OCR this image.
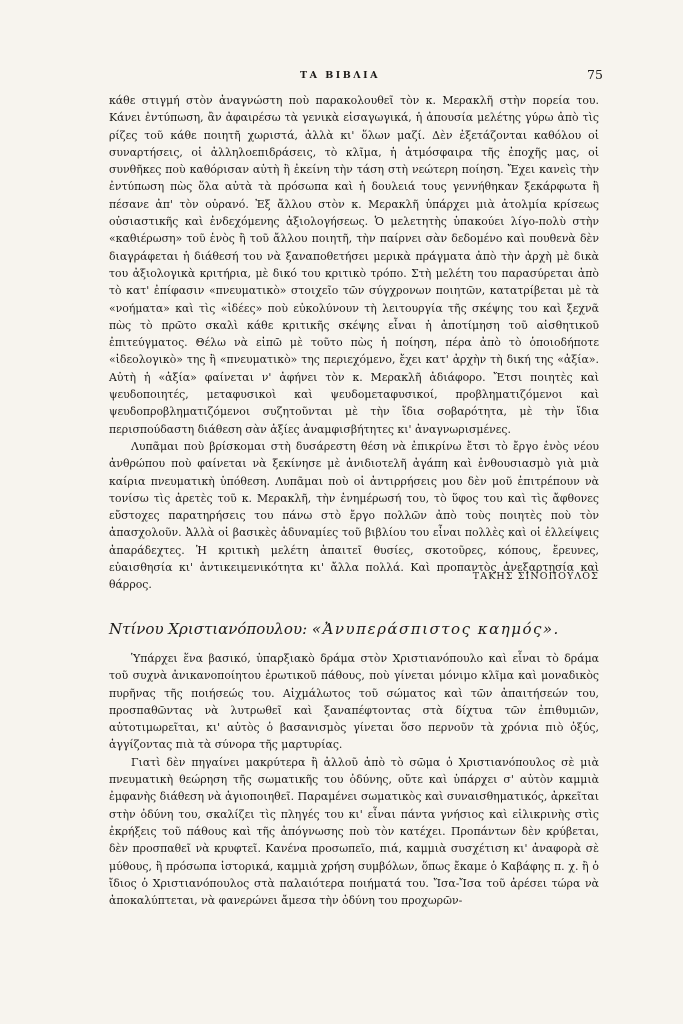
ΤΑ ΒΙΒΛΙΑ	75

κάθε στιγμή στὸν ἀναγνώστη ποὺ παρακολουθεῖ τὸν κ. Μερακλῆ στὴν πορεία του. Κάνει ἐντύπωση, ἂν ἀφαιρέσω τὰ γενικὰ εἰσαγωγικά, ἡ ἀπουσία μελέτης γύρω ἀπὸ τὶς ρίζες τοῦ κάθε ποιητῆ χωριστά, ἀλλὰ κι' ὅλων μαζί. Δὲν ἐξετάζονται καθόλου οἱ συναρτήσεις, οἱ ἀλληλοεπιδράσεις, τὸ κλῖμα, ἡ ἀτμόσφαιρα τῆς ἐποχῆς μας, οἱ συνθῆκες ποὺ καθόρισαν αὐτὴ ἢ ἐκείνη τὴν τάση στὴ νεώτερη ποίηση. Ἔχει κανεὶς τὴν ἐντύπωση πὼς ὅλα αὐτὰ τὰ πρόσωπα καὶ ἡ δουλειά τους γεννήθηκαν ξεκάρφωτα ἢ πέσανε ἀπ' τὸν οὐρανό. Ἐξ ἄλλου στὸν κ. Μερακλῆ ὑπάρχει μιὰ ἀτολμία κρίσεως οὐσιαστικῆς καὶ ἐνδεχόμενης ἀξιολογήσεως. Ὁ μελετητὴς ὑπακούει λίγο-πολὺ στὴν «καθιέρωση» τοῦ ἑνὸς ἢ τοῦ ἄλλου ποιητῆ, τὴν παίρνει σὰν δεδομένο καὶ πουθενὰ δὲν διαγράφεται ἡ διάθεσή του νὰ ξαναποθετήσει μερικὰ πράγματα ἀπὸ τὴν ἀρχὴ μὲ δικὰ του ἀξιολογικὰ κριτήρια, μὲ δικό του κριτικὸ τρόπο. Στὴ μελέτη του παρασύρεται ἀπὸ τὸ κατ' ἐπίφασιν «πνευματικὸ» στοιχεῖο τῶν σύγχρονων ποιητῶν, κατατρίβεται μὲ τὰ «νοήματα» καὶ τὶς «ἰδέες» ποὺ εὐκολύνουν τὴ λειτουργία τῆς σκέψης του καὶ ξεχνᾶ πὼς τὸ πρῶτο σκαλὶ κάθε κριτικῆς σκέψης εἶναι ἡ ἀποτίμηση τοῦ αἰσθητικοῦ ἐπιτεύγματος. Θέλω νὰ εἰπῶ μὲ τοῦτο πὼς ἡ ποίηση, πέρα ἀπὸ τὸ ὁποιοδήποτε «ἰδεολογικὸ» της ἢ «πνευματικὸ» της περιεχόμενο, ἔχει κατ' ἀρχὴν τὴ δική της «ἀξία». Αὐτὴ ἡ «ἀξία» φαίνεται ν' ἀφήνει τὸν κ. Μερακλῆ ἀδιάφορο. Ἔτσι ποιητὲς καὶ ψευδοποιητές, μεταφυσικοὶ καὶ ψευδομεταφυσικοί, προβληματιζόμενοι καὶ ψευδοπροβληματιζόμενοι συζητοῦνται μὲ τὴν ἴδια σοβαρότητα, μὲ τὴν ἴδια περισπούδαστη διάθεση σὰν ἀξίες ἀναμφισβήτητες κι' ἀναγνωρισμένες.

Λυπᾶμαι ποὺ βρίσκομαι στὴ δυσάρεστη θέση νὰ ἐπικρίνω ἔτσι τὸ ἔργο ἑνὸς νέου ἀνθρώπου ποὺ φαίνεται νὰ ξεκίνησε μὲ ἀνιδιοτελῆ ἀγάπη καὶ ἐνθουσιασμὸ γιὰ μιὰ καίρια πνευματικὴ ὑπόθεση. Λυπᾶμαι ποὺ οἱ ἀντιρρήσεις μου δὲν μοῦ ἐπιτρέπουν νὰ τονίσω τὶς ἀρετὲς τοῦ κ. Μερακλῆ, τὴν ἐνημέρωσή του, τὸ ὕφος του καὶ τὶς ἄφθονες εὔστοχες παρατηρήσεις του πάνω στὸ ἔργο πολλῶν ἀπὸ τοὺς ποιητὲς ποὺ τὸν ἀπασχολοῦν. Ἀλλὰ οἱ βασικὲς ἀδυναμίες τοῦ βιβλίου του εἶναι πολλὲς καὶ οἱ ἐλλείψεις ἀπαράδεχτες. Ἡ κριτικὴ μελέτη ἀπαιτεῖ θυσίες, σκοτοῦρες, κόπους, ἔρευνες, εὐαισθησία κι' ἀντικειμενικότητα κι' ἄλλα πολλά. Καὶ προπαντὸς ἀνεξαρτησία καὶ θάρρος.

ΤΑΚΗΣ ΣΙΝΟΠΟΥΛΟΣ
Ντίνου Χριστιανόπουλου: «Ἀνυπεράσπιστος καημός».

Ὑπάρχει ἕνα βασικό, ὑπαρξιακὸ δράμα στὸν Χριστιανόπουλο καὶ εἶναι τὸ δράμα τοῦ συχνὰ ἀνικανοποίητου ἐρωτικοῦ πάθους, ποὺ γίνεται μόνιμο κλῖμα καὶ μοναδικὸς πυρῆνας τῆς ποιήσεώς του. Αἰχμάλωτος τοῦ σώματος καὶ τῶν ἀπαιτήσεών του, προσπαθῶντας νὰ λυτρωθεῖ καὶ ξαναπέφτοντας στὰ δίχτυα τῶν ἐπιθυμιῶν, αὐτοτιμωρεῖται, κι' αὐτὸς ὁ βασανισμὸς γίνεται ὅσο περνοῦν τὰ χρόνια πιὸ ὀξύς, ἀγγίζοντας πιὰ τὰ σύνορα τῆς μαρτυρίας.

Γιατὶ δὲν πηγαίνει μακρύτερα ἢ ἀλλοῦ ἀπὸ τὸ σῶμα ὁ Χριστιανόπουλος σὲ μιὰ πνευματικὴ θεώρηση τῆς σωματικῆς του ὀδύνης, οὔτε καὶ ὑπάρχει σ' αὐτὸν καμμιὰ ἐμφανὴς διάθεση νὰ ἁγιοποιηθεῖ. Παραμένει σωματικὸς καὶ συναισθηματικός, ἀρκεῖται στὴν ὀδύνη του, σκαλίζει τὶς πληγές του κι' εἶναι πάντα γνήσιος καὶ εἰλικρινὴς στὶς ἐκρήξεις τοῦ πάθους καὶ τῆς ἀπόγνωσης ποὺ τὸν κατέχει. Προπάντων δὲν κρύβεται, δὲν προσπαθεῖ νὰ κρυφτεῖ. Κανένα προσωπεῖο, πιά, καμμιὰ συσχέτιση κι' ἀναφορὰ σὲ μύθους, ἢ πρόσωπα ἱστορικά, καμμιὰ χρήση συμβόλων, ὅπως ἔκαμε ὁ Καβάφης π. χ. ἢ ὁ ἴδιος ὁ Χριστιανόπουλος στὰ παλαιότερα ποιήματά του. Ἴσα-Ἴσα τοῦ ἀρέσει τώρα νὰ ἀποκαλύπτεται, νὰ φανερώνει ἄμεσα τὴν ὀδύνη του προχωρῶν-
